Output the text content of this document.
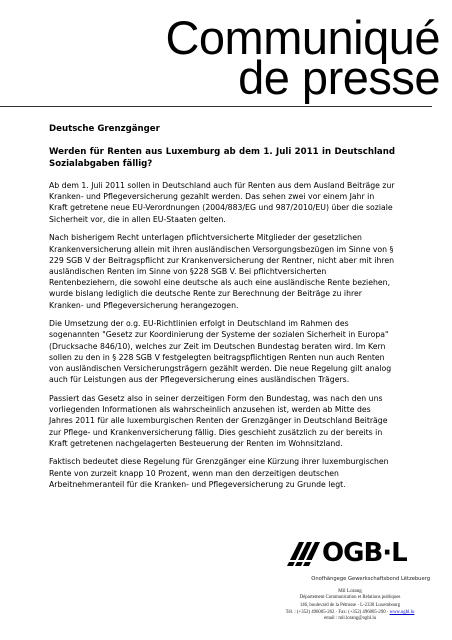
Communiqué
de presse
Deutsche Grenzgänger
Werden für Renten aus Luxemburg ab dem 1. Juli 2011 in Deutschland Sozialabgaben fällig?

Ab dem 1. Juli 2011 sollen in Deutschland auch für Renten aus dem Ausland Beiträge zur Kranken- und Pflegeversicherung gezahlt werden. Das sehen zwei vor einem Jahr in Kraft getretene neue EU-Verordnungen (2004/883/EG und 987/2010/EU) über die soziale Sicherheit vor, die in allen EU-Staaten gelten.

Nach bisherigem Recht unterlagen pflichtversicherte Mitglieder der gesetzlichen Krankenversicherung allein mit ihren ausländischen Versorgungsbezügen im Sinne von § 229 SGB V der Beitragspflicht zur Krankenversicherung der Rentner, nicht aber mit ihren ausländischen Renten im Sinne von §228 SGB V. Bei pflichtversicherten Rentenbeziehern, die sowohl eine deutsche als auch eine ausländische Rente beziehen, wurde bislang lediglich die deutsche Rente zur Berechnung der Beiträge zu ihrer Kranken- und Pflegeversicherung herangezogen.

Die Umsetzung der o.g. EU-Richtlinien erfolgt in Deutschland im Rahmen des sogenannten "Gesetz zur Koordinierung der Systeme der sozialen Sicherheit in Europa" (Drucksache 846/10), welches zur Zeit im Deutschen Bundestag beraten wird. Im Kern sollen zu den in § 228 SGB V festgelegten beitragspflichtigen Renten nun auch Renten von ausländischen Versicherungsträgern gezählt werden. Die neue Regelung gilt analog auch für Leistungen aus der Pflegeversicherung eines ausländischen Trägers.

Passiert das Gesetz also in seiner derzeitigen Form den Bundestag, was nach den uns vorliegenden Informationen als wahrscheinlich anzusehen ist, werden ab Mitte des Jahres 2011 für alle luxemburgischen Renten der Grenzgänger in Deutschland Beiträge zur Pflege- und Krankenversicherung fällig. Dies geschieht zusätzlich zu der bereits in Kraft getretenen nachgelagerten Besteuerung der Renten im Wohnsitzland.

Faktisch bedeutet diese Regelung für Grenzgänger eine Kürzung ihrer luxemburgischen Rente von zurzeit knapp 10 Prozent, wenn man den derzeitigen deutschen Arbeitnehmeranteil für die Kranken- und Pflegeversicherung zu Grunde legt.

OGB·L
Onofhängege Gewerkschaftsbond Lëtzebuerg
Mil Lorang
Département Communication et Relations publiques
146, boulevard de la Pétrusse · L-2330 Luxembourg
Tél. : (+352) 496005-262 · Fax: (+352) 496005-290 · www.ogbl.lu
email : mil.lorang@ogbl.lu
